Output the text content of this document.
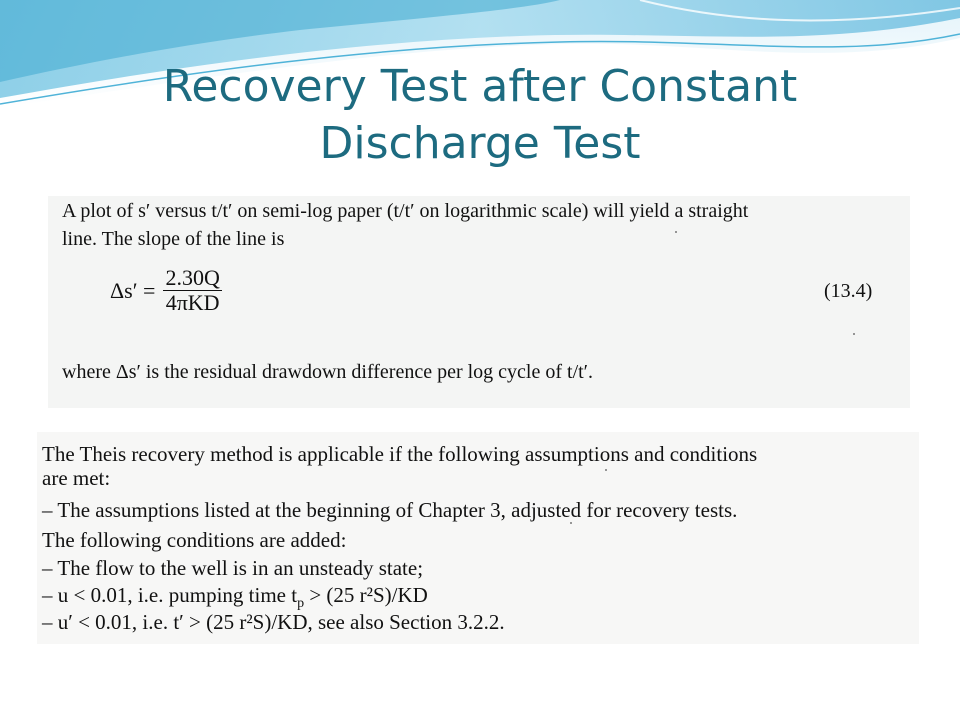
Recovery Test after Constant
Discharge Test
A plot of s′ versus t/t′ on semi-log paper (t/t′ on logarithmic scale) will yield a straight
line. The slope of the line is
$\Delta s' = \frac{2.30Q}{\text{4πKD}}$	(13.4)
where Δs′ is the residual drawdown difference per log cycle of t/t′.
The Theis recovery method is applicable if the following assumptions and conditions
are met:
– The assumptions listed at the beginning of Chapter 3, adjusted for recovery tests.
The following conditions are added:
– The flow to the well is in an unsteady state;
– u < 0.01, i.e. pumping time $t_p > (25$ r²S)/KD
– u′ < 0.01, i.e. t′ > (25 r²S)/KD, see also Section 3.2.2.
